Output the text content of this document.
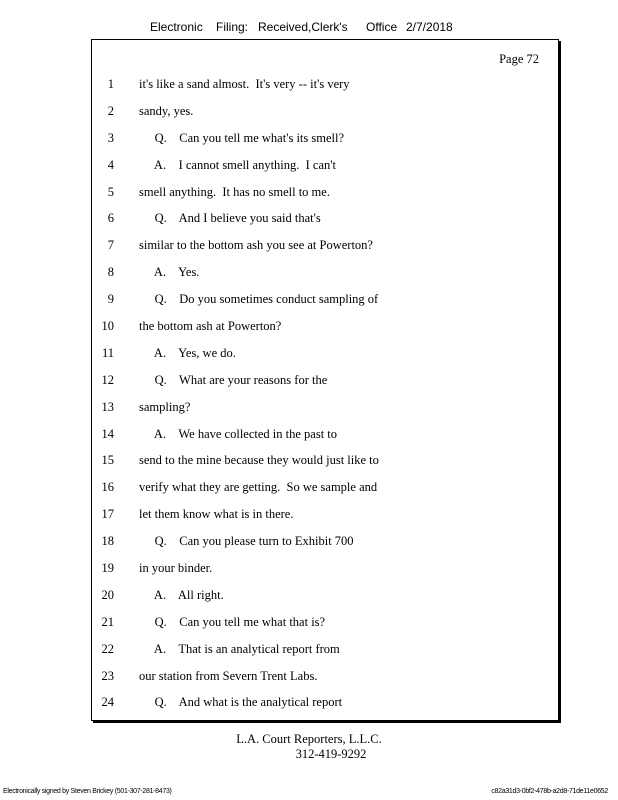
Electronic Filing: Received,Clerk's Office 2/7/2018
Page 72
1 it's like a sand almost.  It's very -- it's very
2 sandy, yes.
3 Q.    Can you tell me what's its smell?
4 A.    I cannot smell anything.  I can't
5 smell anything.  It has no smell to me.
6 Q.    And I believe you said that's
7 similar to the bottom ash you see at Powerton?
8 A.    Yes.
9 Q.    Do you sometimes conduct sampling of
10 the bottom ash at Powerton?
11 A.    Yes, we do.
12 Q.    What are your reasons for the
13 sampling?
14 A.    We have collected in the past to
15 send to the mine because they would just like to
16 verify what they are getting.  So we sample and
17 let them know what is in there.
18 Q.    Can you please turn to Exhibit 700
19 in your binder.
20 A.    All right.
21 Q.    Can you tell me what that is?
22 A.    That is an analytical report from
23 our station from Severn Trent Labs.
24 Q.    And what is the analytical report
L.A. Court Reporters, L.L.C.
312-419-9292
Electronically signed by Steven Brickey (501-307-281-8473)	c82a31d3-0bf2-478b-a2d8-71de11e0652
